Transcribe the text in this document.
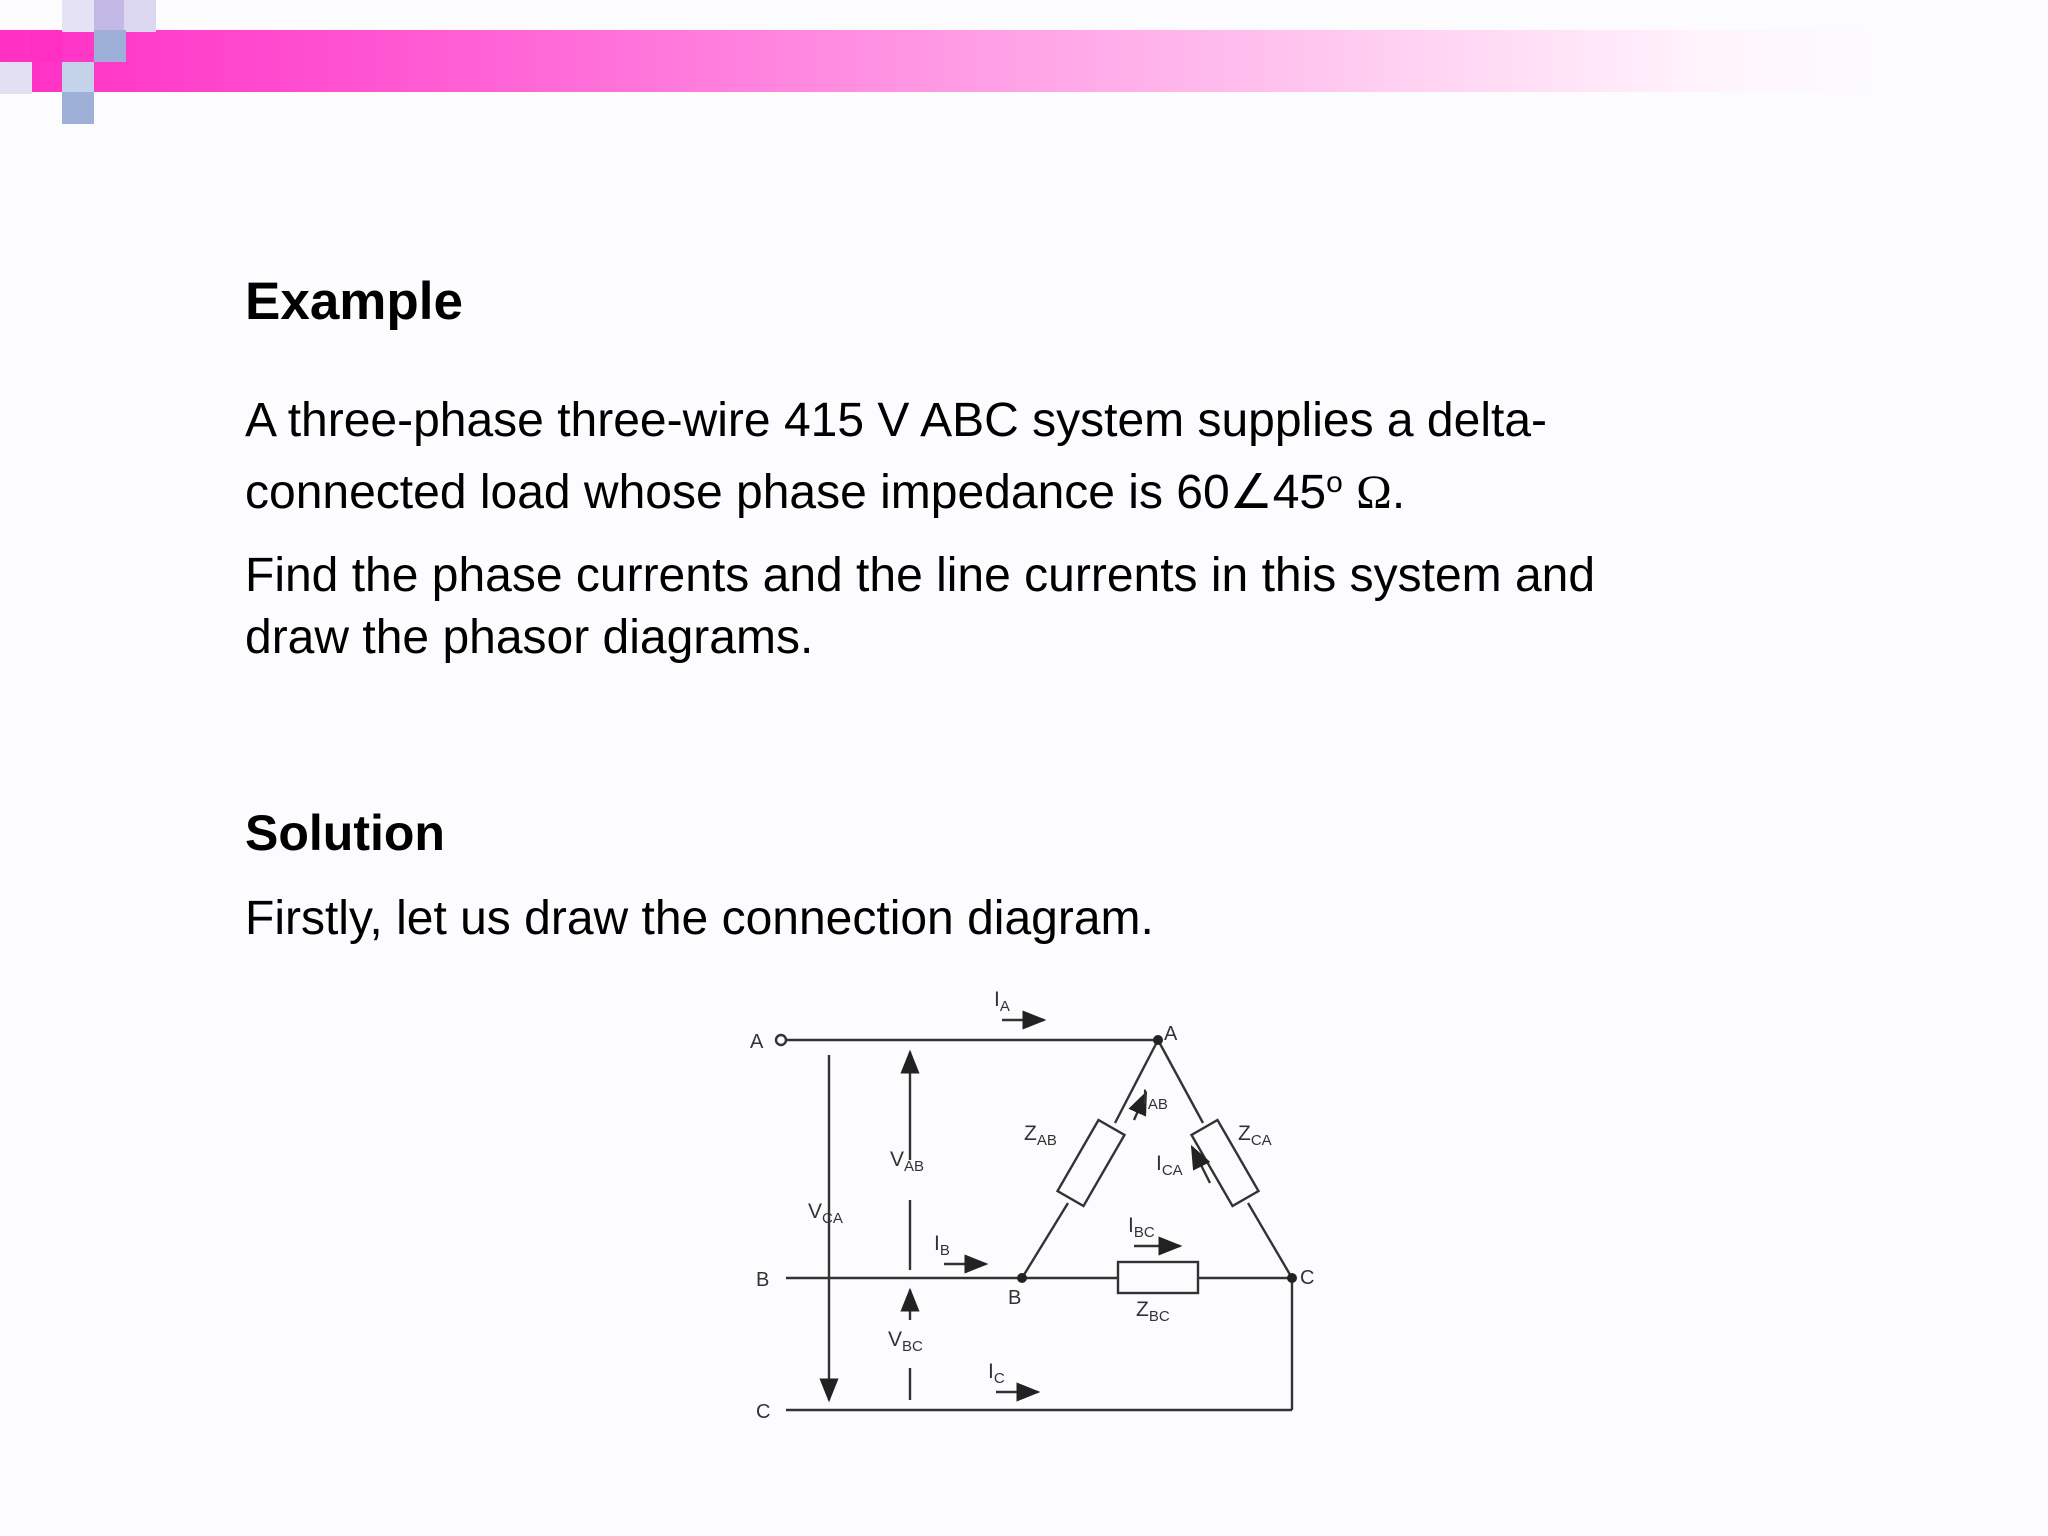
Example

A three-phase three-wire 415 V ABC system supplies a delta-
connected load whose phase impedance is 60∠45$^o$ Ω.

Find the phase currents and the line currents in this system and
draw the phasor diagrams.

Solution

Firstly, let us draw the connection diagram.

A
B
C
A
B
C
$Z_{AB}$	$Z_{CA}$
$Z_{BC}$
$I_A$
$I_B$
$I_C$
$I_{AB}$
$I_{CA}$
$I_{BC}$
$V_{AB}$
$V_{CA}$
$V_{BC}$
